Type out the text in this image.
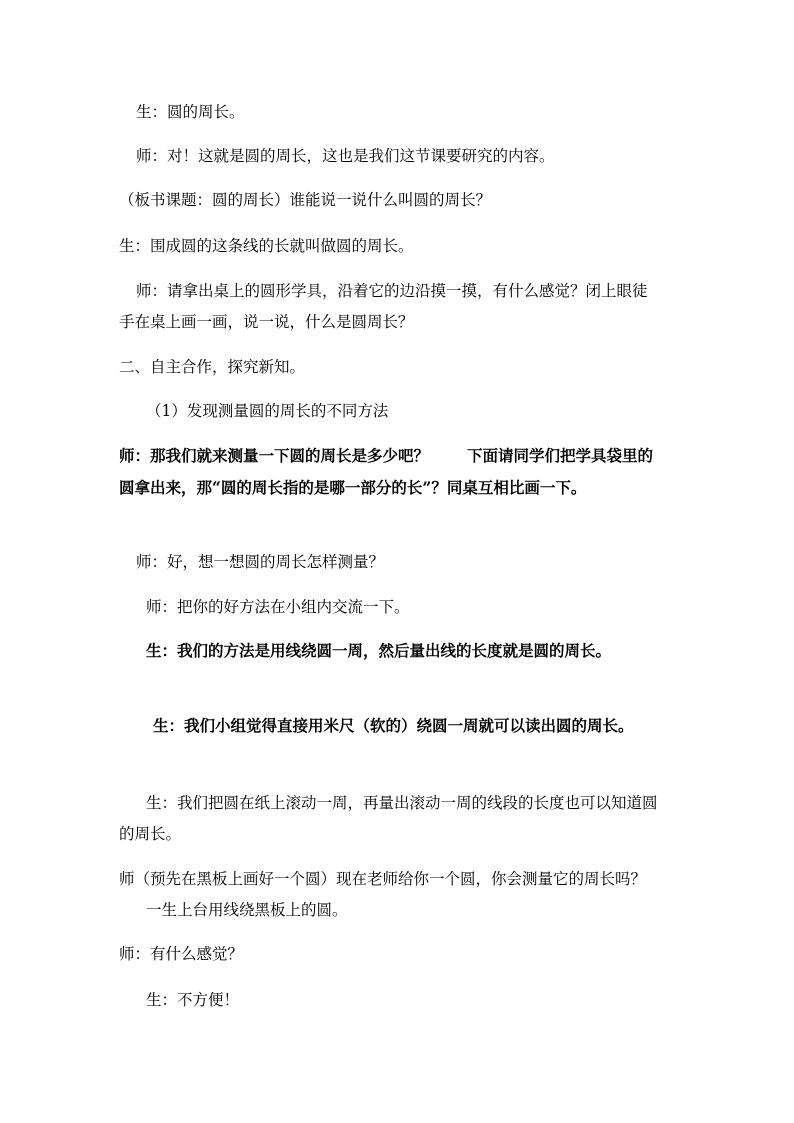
生：圆的周长。
师：对！这就是圆的周长，这也是我们这节课要研究的内容。
（板书课题：圆的周长）谁能说一说什么叫圆的周长？
生：围成圆的这条线的长就叫做圆的周长。
师：请拿出桌上的圆形学具，沿着它的边沿摸一摸，有什么感觉？闭上眼徒
手在桌上画一画，说一说，什么是圆周长？
二、自主合作，探究新知。
（1）发现测量圆的周长的不同方法
师：那我们就来测量一下圆的周长是多少吧？ 下面请同学们把学具袋里的
圆拿出来，那“圆的周长指的是哪一部分的长”？同桌互相比画一下。
师：好，想一想圆的周长怎样测量？
师：把你的好方法在小组内交流一下。
生：我们的方法是用线绕圆一周，然后量出线的长度就是圆的周长。
生：我们小组觉得直接用米尺（软的）绕圆一周就可以读出圆的周长。
生：我们把圆在纸上滚动一周，再量出滚动一周的线段的长度也可以知道圆
的周长。
师（预先在黑板上画好一个圆）现在老师给你一个圆，你会测量它的周长吗？
一生上台用线绕黑板上的圆。
师：有什么感觉？
生：不方便！
